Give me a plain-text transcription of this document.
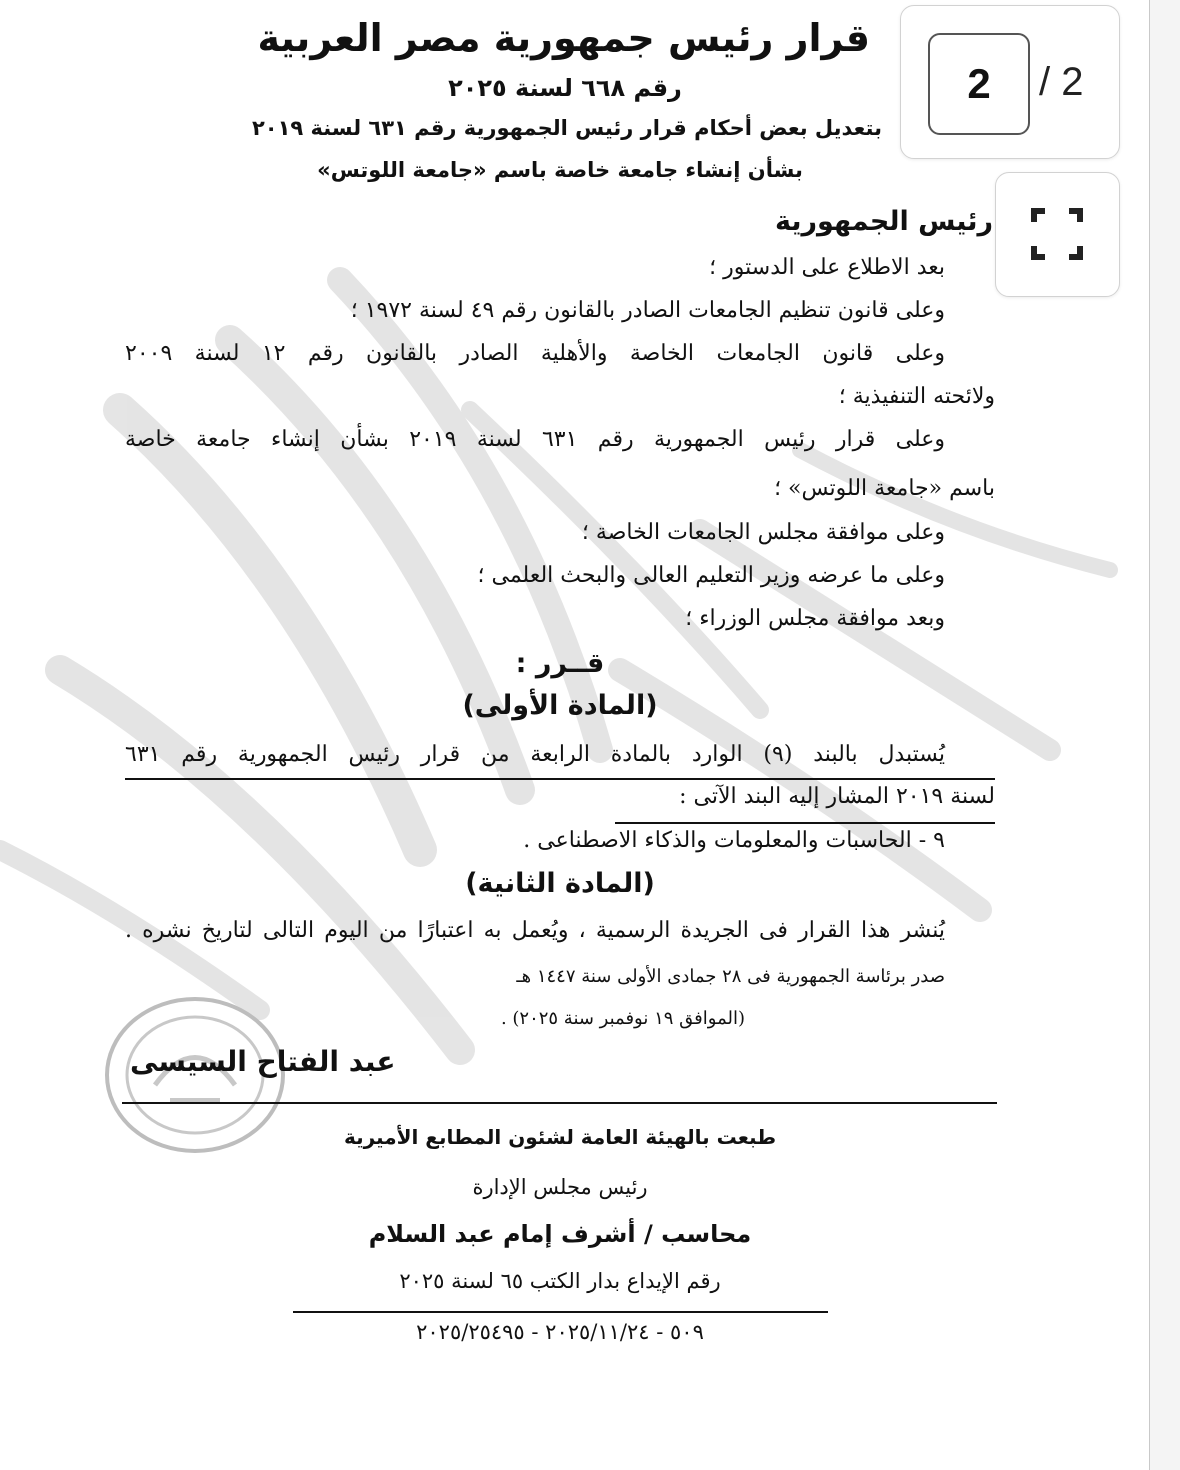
قرار رئيس جمهورية مصر العربية
رقم ٦٦٨ لسنة ٢٠٢٥
بتعديل بعض أحكام قرار رئيس الجمهورية رقم ٦٣١ لسنة ٢٠١٩
بشأن إنشاء جامعة خاصة باسم «جامعة اللوتس»
رئيس الجمهورية
بعد الاطلاع على الدستور ؛
وعلى قانون تنظيم الجامعات الصادر بالقانون رقم ٤٩ لسنة ١٩٧٢ ؛
وعلى قانون الجامعات الخاصة والأهلية الصادر بالقانون رقم ١٢ لسنة ٢٠٠٩
ولائحته التنفيذية ؛
وعلى قرار رئيس الجمهورية رقم ٦٣١ لسنة ٢٠١٩ بشأن إنشاء جامعة خاصة
باسم «جامعة اللوتس» ؛
وعلى موافقة مجلس الجامعات الخاصة ؛
وعلى ما عرضه وزير التعليم العالى والبحث العلمى ؛
وبعد موافقة مجلس الوزراء ؛
قــرر :
(المادة الأولى)
يُستبدل بالبند (٩) الوارد بالمادة الرابعة من قرار رئيس الجمهورية رقم ٦٣١
لسنة ٢٠١٩ المشار إليه البند الآتى :
٩ - الحاسبات والمعلومات والذكاء الاصطناعى .
(المادة الثانية)
يُنشر هذا القرار فى الجريدة الرسمية ، ويُعمل به اعتبارًا من اليوم التالى لتاريخ نشره .
صدر برئاسة الجمهورية فى ٢٨ جمادى الأولى سنة ١٤٤٧ هـ
(الموافق ١٩ نوفمبر سنة ٢٠٢٥) .
عبد الفتاح السيسى
طبعت بالهيئة العامة لشئون المطابع الأميرية
رئيس مجلس الإدارة
محاسب / أشرف إمام عبد السلام
رقم الإيداع بدار الكتب ٦٥ لسنة ٢٠٢٥
٥٠٩ - ٢٠٢٥/١١/٢٤ - ٢٠٢٥/٢٥٤٩٥
2	/ 2
